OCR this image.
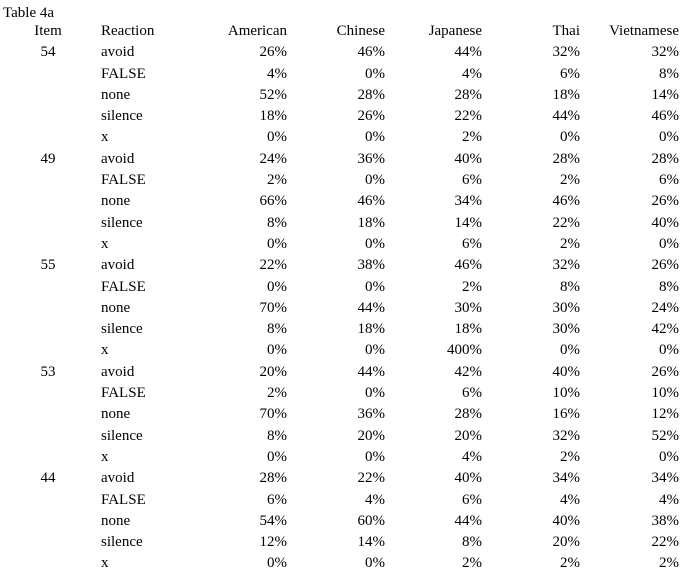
Table 4a
Item	Reaction	American	Chinese	Japanese	Thai	Vietnamese
54	avoid	26%	46%	44%	32%	32%
	FALSE	4%	0%	4%	6%	8%
	none	52%	28%	28%	18%	14%
	silence	18%	26%	22%	44%	46%
	x	0%	0%	2%	0%	0%
49	avoid	24%	36%	40%	28%	28%
	FALSE	2%	0%	6%	2%	6%
	none	66%	46%	34%	46%	26%
	silence	8%	18%	14%	22%	40%
	x	0%	0%	6%	2%	0%
55	avoid	22%	38%	46%	32%	26%
	FALSE	0%	0%	2%	8%	8%
	none	70%	44%	30%	30%	24%
	silence	8%	18%	18%	30%	42%
	x	0%	0%	400%	0%	0%
53	avoid	20%	44%	42%	40%	26%
	FALSE	2%	0%	6%	10%	10%
	none	70%	36%	28%	16%	12%
	silence	8%	20%	20%	32%	52%
	x	0%	0%	4%	2%	0%
44	avoid	28%	22%	40%	34%	34%
	FALSE	6%	4%	6%	4%	4%
	none	54%	60%	44%	40%	38%
	silence	12%	14%	8%	20%	22%
	x	0%	0%	2%	2%	2%
